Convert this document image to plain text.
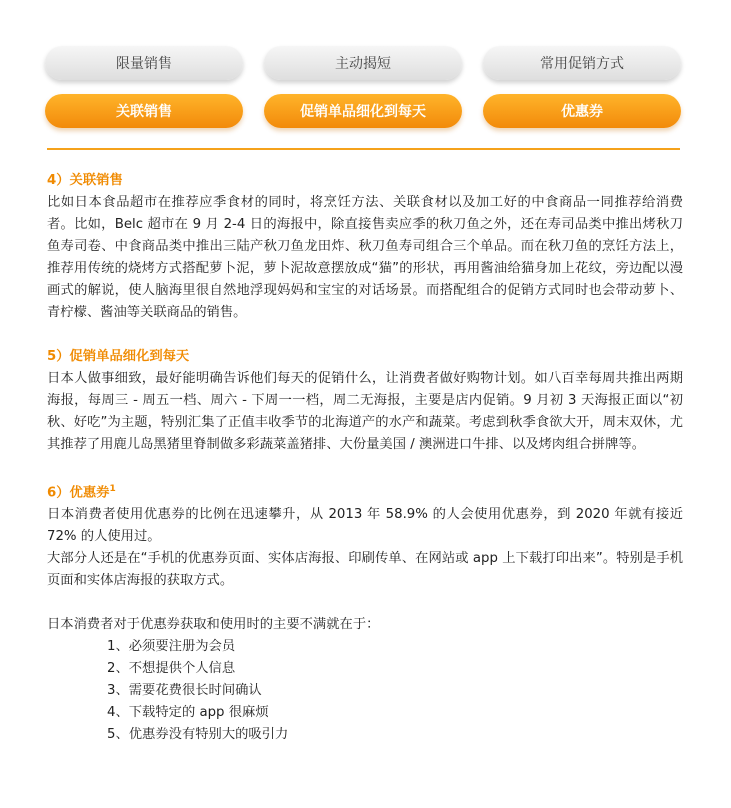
限量销售	主动揭短	常用促销方式
关联销售	促销单品细化到每天	优惠券
4）关联销售
比如日本食品超市在推荐应季食材的同时，将烹饪方法、关联食材以及加工好的中食商品一同推荐给消费者。比如，Belc 超市在 9 月 2-4 日的海报中，除直接售卖应季的秋刀鱼之外，还在寿司品类中推出烤秋刀鱼寿司卷、中食商品类中推出三陆产秋刀鱼龙田炸、秋刀鱼寿司组合三个单品。而在秋刀鱼的烹饪方法上，推荐用传统的烧烤方式搭配萝卜泥，萝卜泥故意摆放成“猫”的形状，再用酱油给猫身加上花纹，旁边配以漫画式的解说，使人脑海里很自然地浮现妈妈和宝宝的对话场景。而搭配组合的促销方式同时也会带动萝卜、青柠檬、酱油等关联商品的销售。
5）促销单品细化到每天
日本人做事细致，最好能明确告诉他们每天的促销什么，让消费者做好购物计划。如八百幸每周共推出两期海报，每周三 - 周五一档、周六 - 下周一一档，周二无海报，主要是店内促销。9 月初 3 天海报正面以“初秋、好吃”为主题，特别汇集了正值丰收季节的北海道产的水产和蔬菜。考虑到秋季食欲大开，周末双休，尤其推荐了用鹿儿岛黑猪里脊制做多彩蔬菜盖猪排、大份量美国 / 澳洲进口牛排、以及烤肉组合拼牌等。
6）优惠券$^1$
日本消费者使用优惠券的比例在迅速攀升，从 2013 年 58.9% 的人会使用优惠券，到 2020 年就有接近 72% 的人使用过。
大部分人还是在“手机的优惠券页面、实体店海报、印刷传单、在网站或 app 上下载打印出来”。特别是手机页面和实体店海报的获取方式。
日本消费者对于优惠券获取和使用时的主要不满就在于：
1、必须要注册为会员
2、不想提供个人信息
3、需要花费很长时间确认
4、下载特定的 app 很麻烦
5、优惠券没有特别大的吸引力
